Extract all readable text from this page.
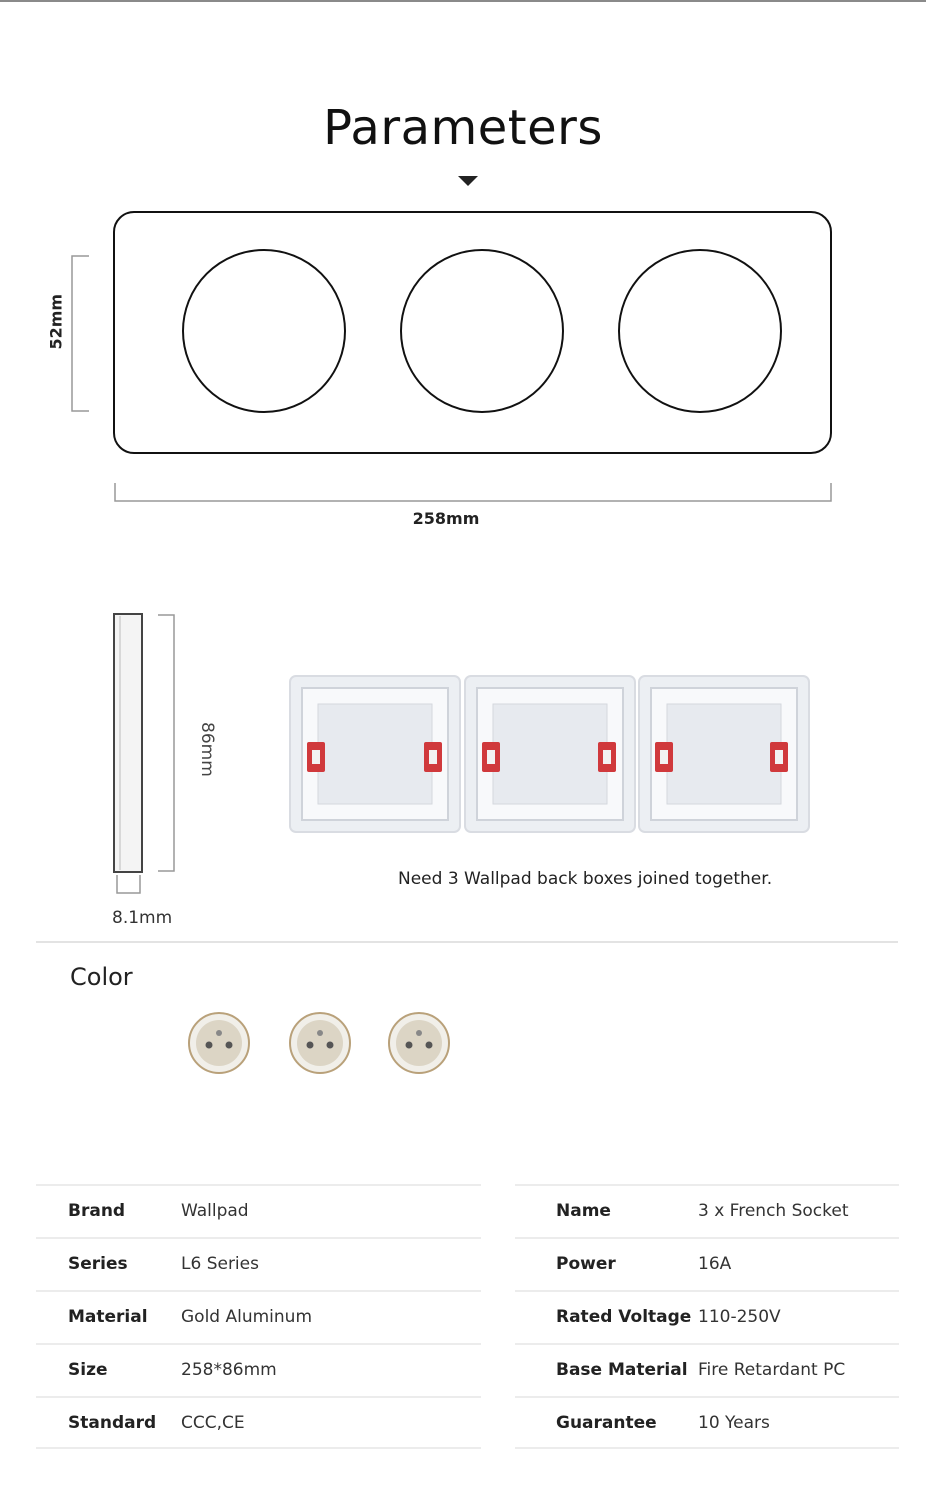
Parameters
52mm
258mm
86mm
8.1mm
Need 3 Wallpad back boxes joined together.
Color
Brand	Wallpad
Series	L6 Series
Material Gold Aluminum
Size	258*86mm
Standard CCC,CE
Name	3 x French Socket
Power	16A
Rated Voltage 110-250V
Base Material Fire Retardant PC
Guarantee 10 Years
